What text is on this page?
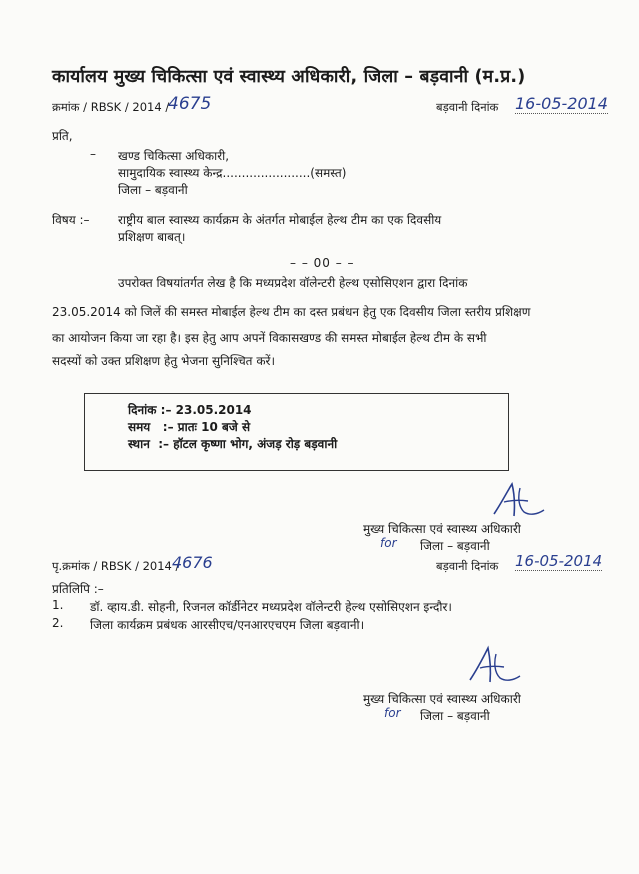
कार्यालय मुख्य चिकित्सा एवं स्वास्थ्य अधिकारी, जिला – बड़वानी (म.प्र.)
क्रमांक / RBSK / 2014 /
4675	बड़वानी दिनांक 16-05-2014
प्रति,
– खण्ड चिकित्सा अधिकारी,
सामुदायिक स्वास्थ्य केन्द्र.......................(समस्त)
जिला – बड़वानी
विषय :– राष्ट्रीय बाल स्वास्थ्य कार्यक्रम के अंतर्गत मोबाईल हेल्थ टीम का एक दिवसीय
प्रशिक्षण बाबत्।
– – 00 – –
उपरोक्त विषयांतर्गत लेख है कि मध्यप्रदेश वॉलेन्टरी हेल्थ एसोसिएशन द्वारा दिनांक
23.05.2014 को जिलें की समस्त मोबाईल हेल्थ टीम का दस्त प्रबंधन हेतु एक दिवसीय जिला स्तरीय प्रशिक्षण
का आयोजन किया जा रहा है। इस हेतु आप अपनें विकासखण्ड की समस्त मोबाईल हेल्थ टीम के सभी
सदस्यों को उक्त प्रशिक्षण हेतु भेजना सुनिश्चित करें।
दिनांक :– 23.05.2014
समय   :– प्रातः 10 बजे से
स्थान  :– हॉटल कृष्णा भोग, अंजड़ रोड़ बड़वानी
मुख्य चिकित्सा एवं स्वास्थ्य अधिकारी
for जिला – बड़वानी
पृ.क्रमांक / RBSK / 2014 /
4676	बड़वानी दिनांक 16-05-2014
प्रतिलिपि :–
1. डॉ. व्हाय.डी. सोहनी, रिजनल कॉर्डीनेटर मध्यप्रदेश वॉलेन्टरी हेल्थ एसोसिएशन इन्दौर।
2. जिला कार्यक्रम प्रबंधक आरसीएच/एनआरएचएम जिला बड़वानी।
मुख्य चिकित्सा एवं स्वास्थ्य अधिकारी
for जिला – बड़वानी
